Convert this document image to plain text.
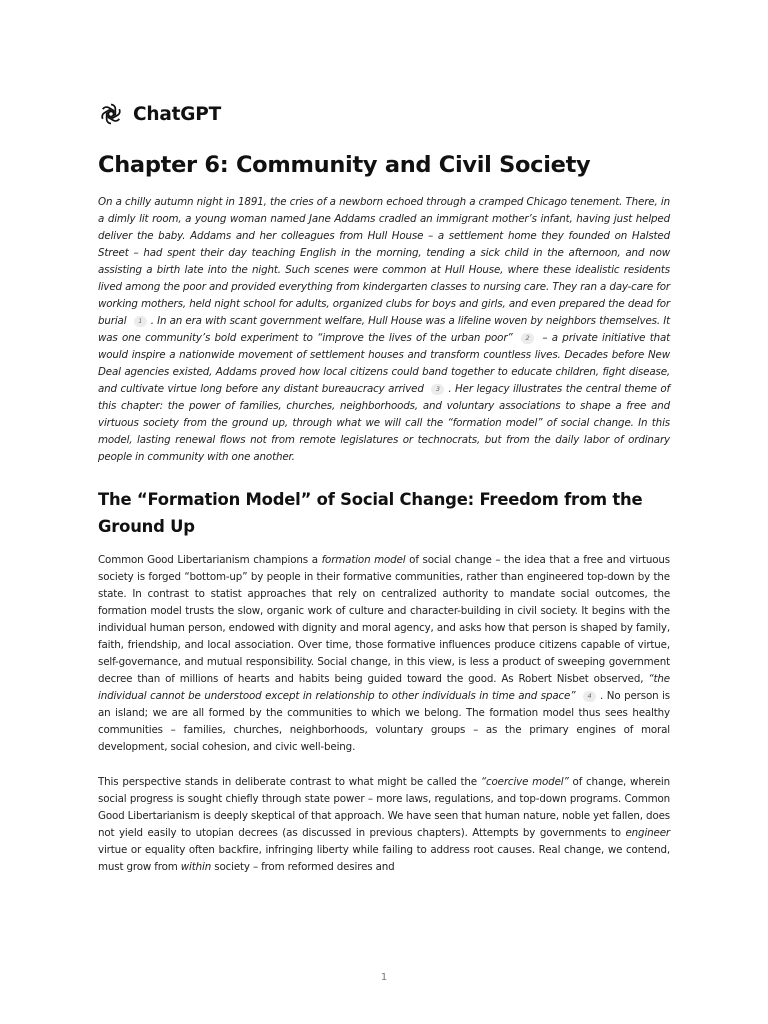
ChatGPT
Chapter 6: Community and Civil Society

On a chilly autumn night in 1891, the cries of a newborn echoed through a cramped Chicago tenement. There, in a dimly lit room, a young woman named Jane Addams cradled an immigrant mother’s infant, having just helped deliver the baby. Addams and her colleagues from Hull House – a settlement home they founded on Halsted Street – had spent their day teaching English in the morning, tending a sick child in the afternoon, and now assisting a birth late into the night. Such scenes were common at Hull House, where these idealistic residents lived among the poor and provided everything from kindergarten classes to nursing care. They ran a day-care for working mothers, held night school for adults, organized clubs for boys and girls, and even prepared the dead for burial 1 . In an era with scant government welfare, Hull House was a lifeline woven by neighbors themselves. It was one community’s bold experiment to “improve the lives of the urban poor” 2 – a private initiative that would inspire a nationwide movement of settlement houses and transform countless lives. Decades before New Deal agencies existed, Addams proved how local citizens could band together to educate children, fight disease, and cultivate virtue long before any distant bureaucracy arrived 3 . Her legacy illustrates the central theme of this chapter: the power of families, churches, neighborhoods, and voluntary associations to shape a free and virtuous society from the ground up, through what we will call the “formation model” of social change. In this model, lasting renewal flows not from remote legislatures or technocrats, but from the daily labor of ordinary people in community with one another.

The “Formation Model” of Social Change: Freedom from the Ground Up

Common Good Libertarianism champions a formation model of social change – the idea that a free and virtuous society is forged “bottom-up” by people in their formative communities, rather than engineered top-down by the state. In contrast to statist approaches that rely on centralized authority to mandate social outcomes, the formation model trusts the slow, organic work of culture and character-building in civil society. It begins with the individual human person, endowed with dignity and moral agency, and asks how that person is shaped by family, faith, friendship, and local association. Over time, those formative influences produce citizens capable of virtue, self-governance, and mutual responsibility. Social change, in this view, is less a product of sweeping government decree than of millions of hearts and habits being guided toward the good. As Robert Nisbet observed, “the individual cannot be understood except in relationship to other individuals in time and space” 4 . No person is an island; we are all formed by the communities to which we belong. The formation model thus sees healthy communities – families, churches, neighborhoods, voluntary groups – as the primary engines of moral development, social cohesion, and civic well-being.

This perspective stands in deliberate contrast to what might be called the “coercive model” of change, wherein social progress is sought chiefly through state power – more laws, regulations, and top-down programs. Common Good Libertarianism is deeply skeptical of that approach. We have seen that human nature, noble yet fallen, does not yield easily to utopian decrees (as discussed in previous chapters). Attempts by governments to engineer virtue or equality often backfire, infringing liberty while failing to address root causes. Real change, we contend, must grow from within society – from reformed desires and

1
